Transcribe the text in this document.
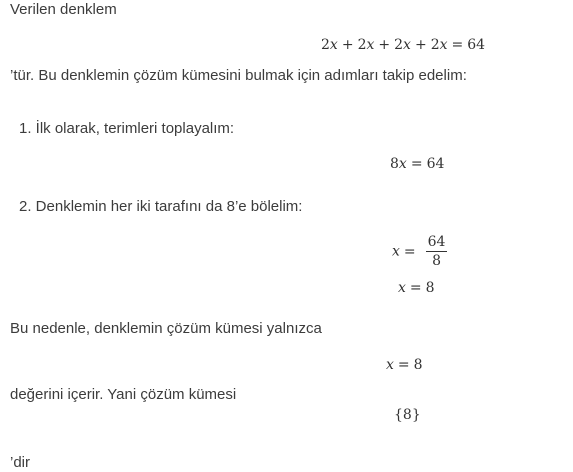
Verilen denklem
2x + 2x + 2x + 2x = 64
’tür. Bu denklemin çözüm kümesini bulmak için adımları takip edelim:
1. İlk olarak, terimleri toplayalım:
8x = 64
2. Denklemin her iki tarafını da 8’e bölelim:
$x = \frac{64}{8}$
x = 8
Bu nedenle, denklemin çözüm kümesi yalnızca
x = 8
değerini içerir. Yani çözüm kümesi
{8}
’dir
